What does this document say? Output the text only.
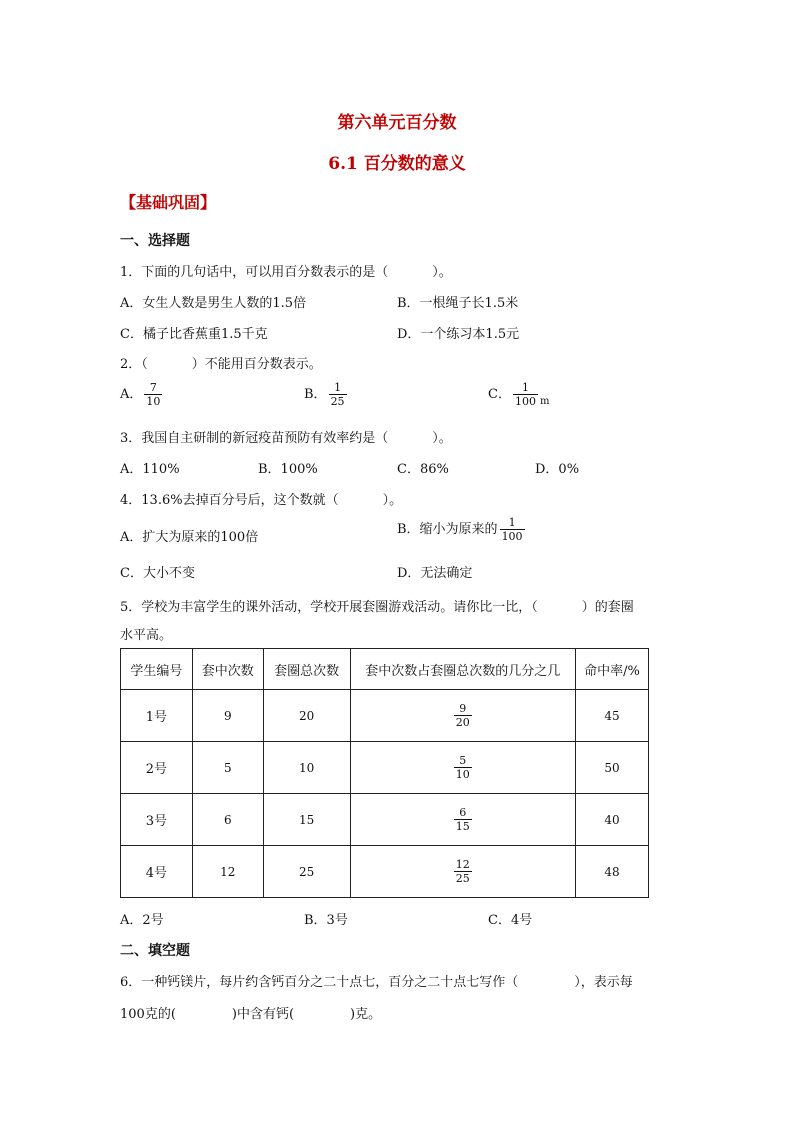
第六单元百分数
6.1 百分数的意义
【基础巩固】
一、选择题
1．下面的几句话中，可以用百分数表示的是（	）。
A．女生人数是男生人数的1.5倍	B．一根绳子长1.5米
C．橘子比香蕉重1.5千克	D．一个练习本1.5元
2．（	）不能用百分数表示。
A． $\frac{7}{10}$	B． $\frac{1}{25}$	C． $\frac{1}{100} _m$
3．我国自主研制的新冠疫苗预防有效率约是（	）。
A．110%	B．100%	C．86%	D．0%
4．13.6%去掉百分号后，这个数就（	）。
A．扩大为原来的100倍
B．缩小为原来的 $\frac{1}{100}$
C．大小不变	D．无法确定
5．学校为丰富学生的课外活动，学校开展套圈游戏活动。请你比一比，（	）的套圈
水平高。
学生编号	套中次数	套圈总次数	套中次数占套圈总次数的几分之几	命中率/%
1号	9	20	$\frac{9}{20}$	45
2号	5	10	$\frac{5}{10}$	50
3号	6	15	$\frac{6}{15}$	40
4号	12	25	$\frac{12}{25}$	48
A．2号	B．3号	C．4号
二、填空题
6．一种钙镁片，每片约含钙百分之二十点七，百分之二十点七写作（	），表示每
100克的(	)中含有钙(	)克。
